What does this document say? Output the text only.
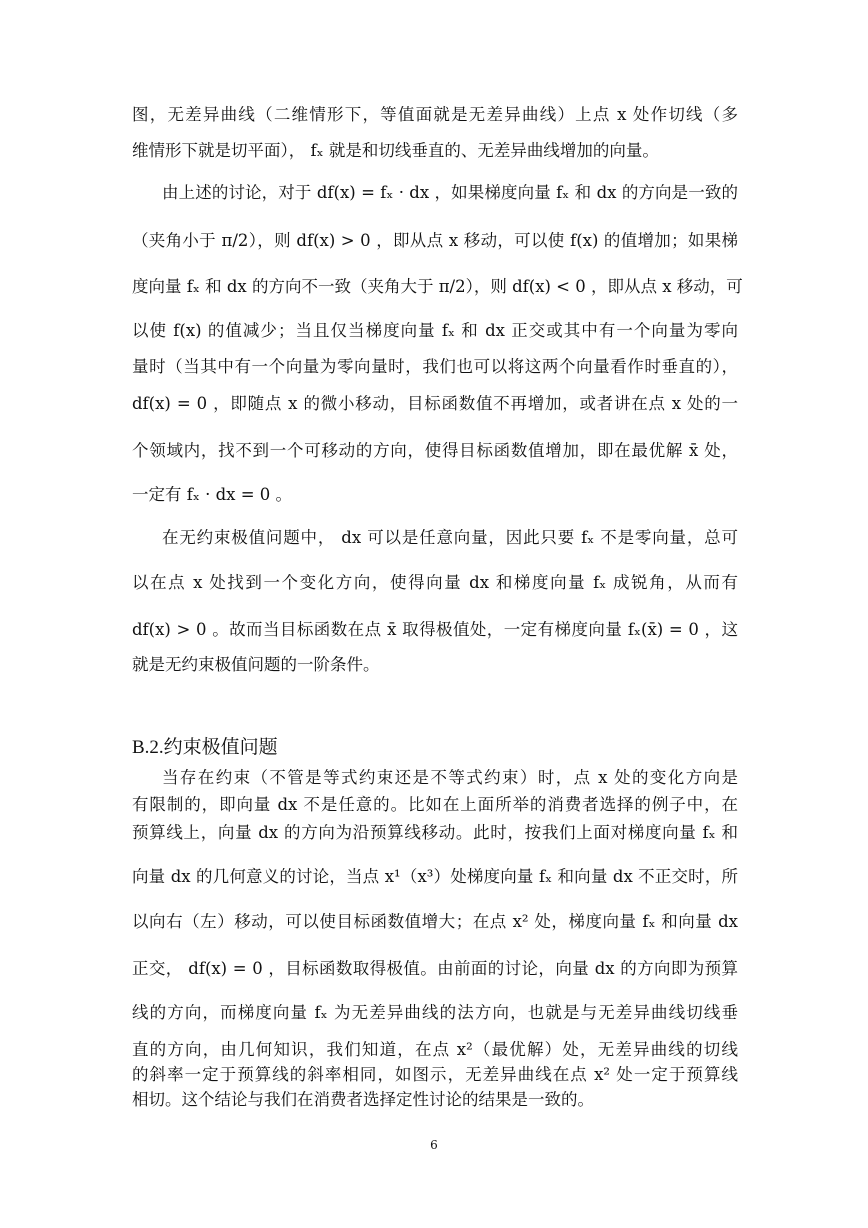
图，无差异曲线（二维情形下，等值面就是无差异曲线）上点 x 处作切线（多
维情形下就是切平面）， fₓ 就是和切线垂直的、无差异曲线增加的向量。
由上述的讨论，对于 df(x) = fₓ · dx ，如果梯度向量 fₓ 和 dx 的方向是一致的
（夹角小于 π/2），则 df(x) > 0 ，即从点 x 移动，可以使 f(x) 的值增加；如果梯
度向量 fₓ 和 dx 的方向不一致（夹角大于 π/2），则 df(x) < 0 ，即从点 x 移动，可
以使 f(x) 的值减少；当且仅当梯度向量 fₓ 和 dx 正交或其中有一个向量为零向
量时（当其中有一个向量为零向量时，我们也可以将这两个向量看作时垂直的），
df(x) = 0 ，即随点 x 的微小移动，目标函数值不再增加，或者讲在点 x 处的一
个领域内，找不到一个可移动的方向，使得目标函数值增加，即在最优解 x̄ 处，
一定有 fₓ · dx = 0 。
在无约束极值问题中， dx 可以是任意向量，因此只要 fₓ 不是零向量，总可
以在点 x 处找到一个变化方向，使得向量 dx 和梯度向量 fₓ 成锐角，从而有
df(x) > 0 。故而当目标函数在点 x̄ 取得极值处，一定有梯度向量 fₓ(x̄) = 0 ，这
就是无约束极值问题的一阶条件。
B.2.约束极值问题
当存在约束（不管是等式约束还是不等式约束）时，点 x 处的变化方向是
有限制的，即向量 dx 不是任意的。比如在上面所举的消费者选择的例子中，在
预算线上，向量 dx 的方向为沿预算线移动。此时，按我们上面对梯度向量 fₓ 和
向量 dx 的几何意义的讨论，当点 x¹（x³）处梯度向量 fₓ 和向量 dx 不正交时，所
以向右（左）移动，可以使目标函数值增大；在点 x² 处，梯度向量 fₓ 和向量 dx
正交， df(x) = 0 ，目标函数取得极值。由前面的讨论，向量 dx 的方向即为预算
线的方向，而梯度向量 fₓ 为无差异曲线的法方向，也就是与无差异曲线切线垂
直的方向，由几何知识，我们知道，在点 x²（最优解）处，无差异曲线的切线
的斜率一定于预算线的斜率相同，如图示，无差异曲线在点 x² 处一定于预算线
相切。这个结论与我们在消费者选择定性讨论的结果是一致的。
6
